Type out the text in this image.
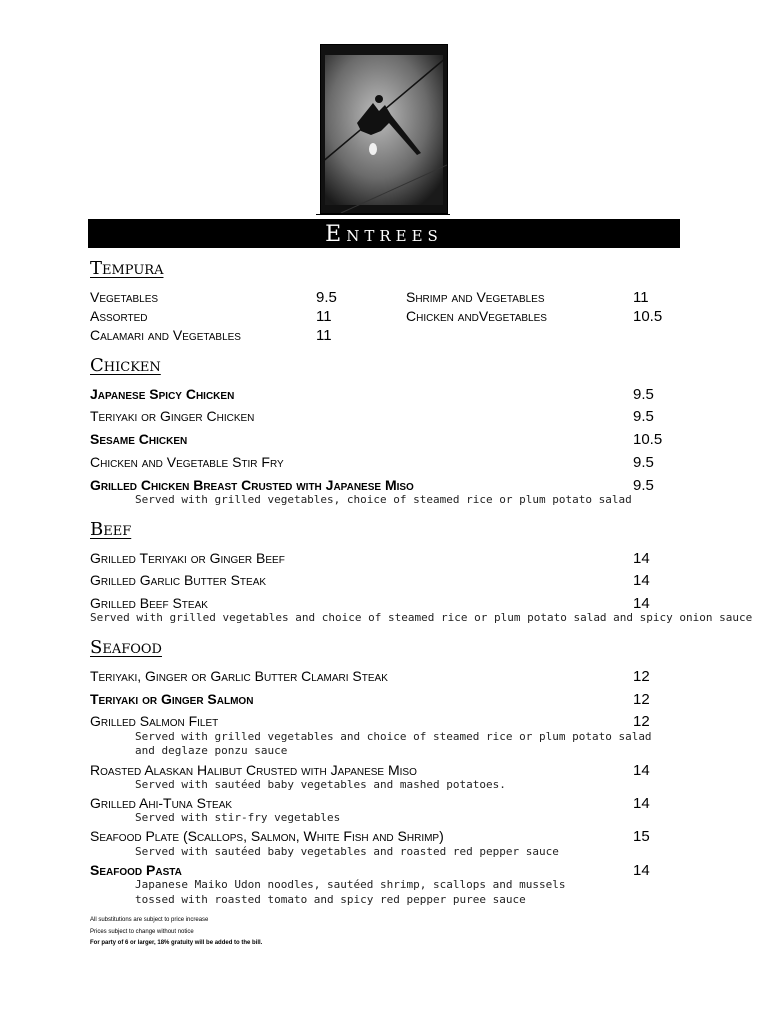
Entrees
Tempura
Vegetables	9.5
Assorted	11
Calamari and Vegetables	11
Shrimp and Vegetables	11
Chicken andVegetables	10.5
Chicken
Japanese Spicy Chicken	9.5
Teriyaki or Ginger Chicken	9.5
Sesame Chicken	10.5
Chicken and Vegetable Stir Fry	9.5
Grilled Chicken Breast Crusted with Japanese Miso	9.5
Served with grilled vegetables, choice of steamed rice or plum potato salad
Beef
Grilled Teriyaki or Ginger Beef	14
Grilled Garlic Butter Steak	14
Grilled Beef Steak	14
Served with grilled vegetables and choice of steamed rice or plum potato salad and spicy onion sauce
Seafood
Teriyaki, Ginger or Garlic Butter Clamari Steak	12
Teriyaki or Ginger Salmon	12
Grilled Salmon Filet	12
Served with grilled vegetables and choice of steamed rice or plum potato salad
and deglaze ponzu sauce
Roasted Alaskan Halibut Crusted with Japanese Miso	14
Served with sautéed baby vegetables and mashed potatoes.
Grilled Ahi-Tuna Steak	14
Served with stir-fry vegetables
Seafood Plate (Scallops, Salmon, White Fish and Shrimp)	15
Served with sautéed baby vegetables and roasted red pepper sauce
Seafood Pasta	14
Japanese Maiko Udon noodles, sautéed shrimp, scallops and mussels
tossed with roasted tomato and spicy red pepper puree sauce
All substitutions are subject to price increase
Prices subject to change without notice
For party of 6 or larger, 18% gratuity will be added to the bill.
